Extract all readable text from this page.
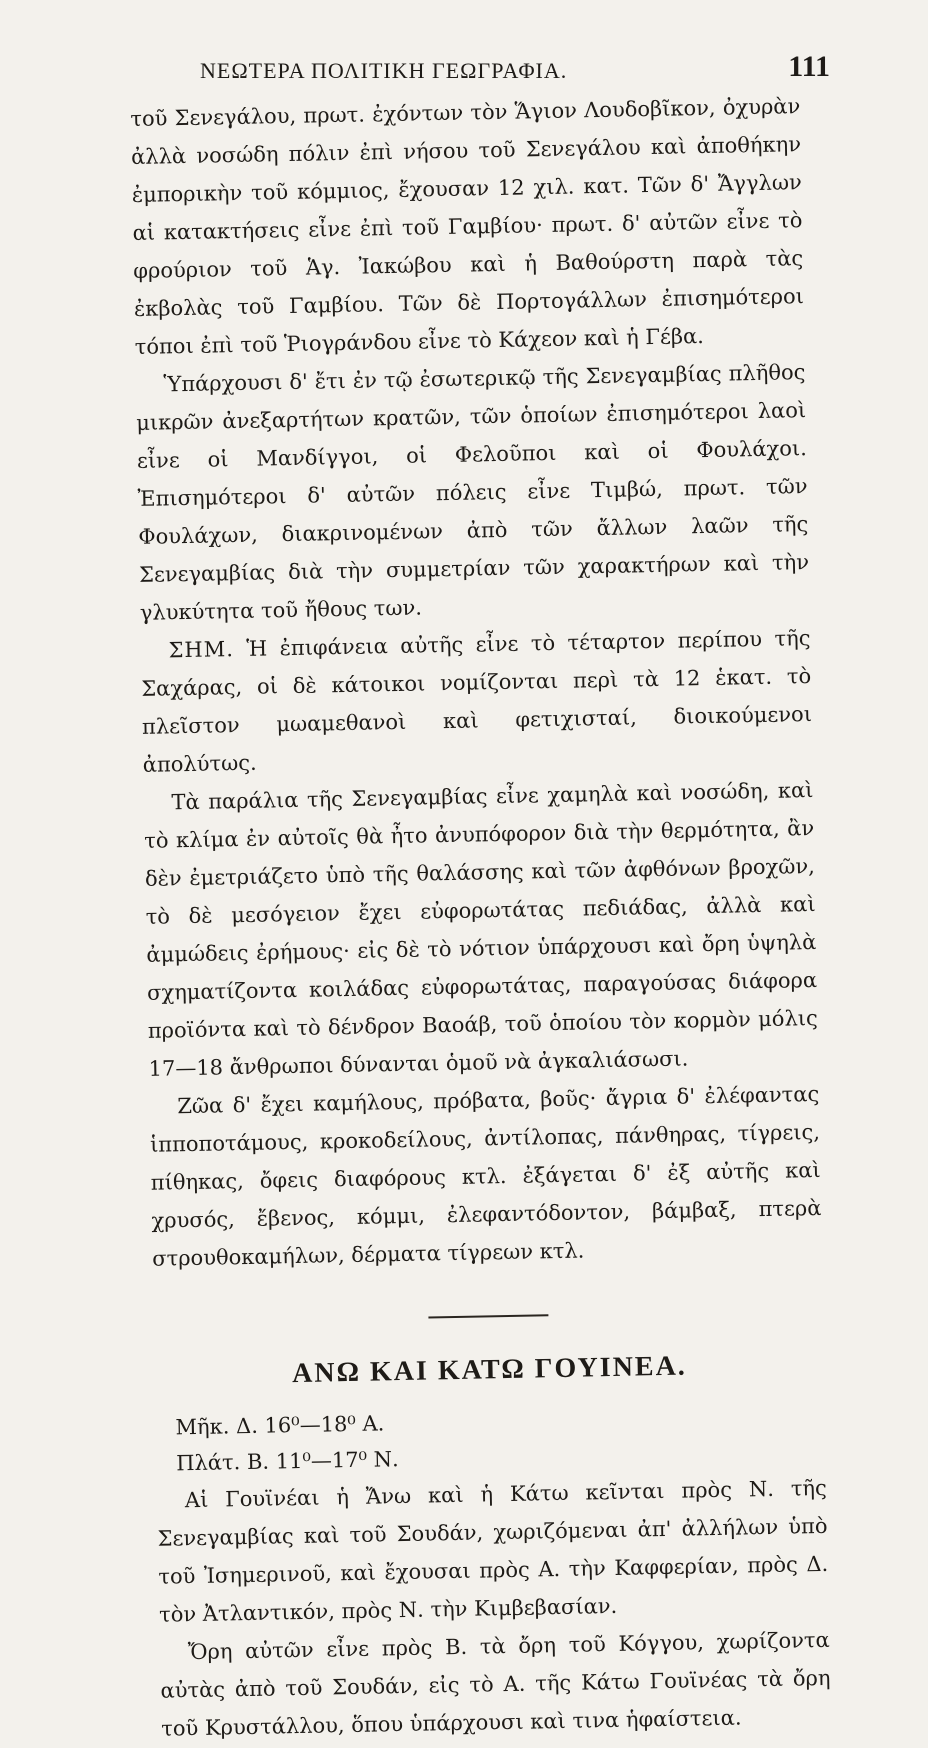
ΝΕΩΤΕΡΑ ΠΟΛΙΤΙΚΗ ΓΕΩΓΡΑΦΙΑ.	111

τοῦ Σενεγάλου, πρωτ. ἐχόντων τὸν Ἅγιον Λουδοβῖκον, ὀχυρὰν ἀλλὰ νοσώδη πόλιν ἐπὶ νήσου τοῦ Σενεγάλου καὶ ἀποθήκην ἐμπορικὴν τοῦ κόμμιος, ἔχουσαν 12 χιλ. κατ. Τῶν δ' Ἄγγλων αἱ κατακτήσεις εἶνε ἐπὶ τοῦ Γαμβίου· πρωτ. δ' αὐτῶν εἶνε τὸ φρούριον τοῦ Ἁγ. Ἰακώβου καὶ ἡ Βαθούρστη παρὰ τὰς ἐκβολὰς τοῦ Γαμβίου. Τῶν δὲ Πορτογάλλων ἐπισημότεροι τόποι ἐπὶ τοῦ Ῥιογράνδου εἶνε τὸ Κάχεον καὶ ἡ Γέβα.

Ὑπάρχουσι δ' ἔτι ἐν τῷ ἐσωτερικῷ τῆς Σενεγαμβίας πλῆθος μικρῶν ἀνεξαρτήτων κρατῶν, τῶν ὁποίων ἐπισημότεροι λαοὶ εἶνε οἱ Μανδίγγοι, οἱ Φελοῦποι καὶ οἱ Φουλάχοι. Ἐπισημότεροι δ' αὐτῶν πόλεις εἶνε Τιμβώ, πρωτ. τῶν Φουλάχων, διακρινομένων ἀπὸ τῶν ἄλλων λαῶν τῆς Σενεγαμβίας διὰ τὴν συμμετρίαν τῶν χαρακτήρων καὶ τὴν γλυκύτητα τοῦ ἤθους των.

ΣΗΜ. Ἡ ἐπιφάνεια αὐτῆς εἶνε τὸ τέταρτον περίπου τῆς Σαχάρας, οἱ δὲ κάτοικοι νομίζονται περὶ τὰ 12 ἑκατ. τὸ πλεῖστον μωαμεθανοὶ καὶ φετιχισταί, διοικούμενοι ἀπολύτως.

Τὰ παράλια τῆς Σενεγαμβίας εἶνε χαμηλὰ καὶ νοσώδη, καὶ τὸ κλίμα ἐν αὐτοῖς θὰ ἦτο ἀνυπόφορον διὰ τὴν θερμότητα, ἂν δὲν ἐμετριάζετο ὑπὸ τῆς θαλάσσης καὶ τῶν ἀφθόνων βροχῶν, τὸ δὲ μεσόγειον ἔχει εὐφορωτάτας πεδιάδας, ἀλλὰ καὶ ἀμμώδεις ἐρήμους· εἰς δὲ τὸ νότιον ὑπάρχουσι καὶ ὄρη ὑψηλὰ σχηματίζοντα κοιλάδας εὐφορωτάτας, παραγούσας διάφορα προϊόντα καὶ τὸ δένδρον Βαοάβ, τοῦ ὁποίου τὸν κορμὸν μόλις 17—18 ἄνθρωποι δύνανται ὁμοῦ νὰ ἀγκαλιάσωσι.

Ζῶα δ' ἔχει καμήλους, πρόβατα, βοῦς· ἄγρια δ' ἐλέφαντας ἱπποποτάμους, κροκοδείλους, ἀντίλοπας, πάνθηρας, τίγρεις, πίθηκας, ὄφεις διαφόρους κτλ. ἐξάγεται δ' ἐξ αὐτῆς καὶ χρυσός, ἔβενος, κόμμι, ἐλεφαντόδοντον, βάμβαξ, πτερὰ στρουθοκαμήλων, δέρματα τίγρεων κτλ.

ΑΝΩ ΚΑΙ ΚΑΤΩ ΓΟΥΙΝΕΑ.

Μῆκ. Δ. 16⁰—18⁰ Α.

Πλάτ. Β. 11⁰—17⁰ Ν.

Αἱ Γουϊνέαι ἡ Ἄνω καὶ ἡ Κάτω κεῖνται πρὸς Ν. τῆς Σενεγαμβίας καὶ τοῦ Σουδάν, χωριζόμεναι ἀπ' ἀλλήλων ὑπὸ τοῦ Ἰσημερινοῦ, καὶ ἔχουσαι πρὸς Α. τὴν Καφφερίαν, πρὸς Δ. τὸν Ἀτλαντικόν, πρὸς Ν. τὴν Κιμβεβασίαν.

Ὄρη αὐτῶν εἶνε πρὸς Β. τὰ ὄρη τοῦ Κόγγου, χωρίζοντα αὐτὰς ἀπὸ τοῦ Σουδάν, εἰς τὸ Α. τῆς Κάτω Γουϊνέας τὰ ὄρη τοῦ Κρυστάλλου, ὅπου ὑπάρχουσι καὶ τινα ἡφαίστεια.
